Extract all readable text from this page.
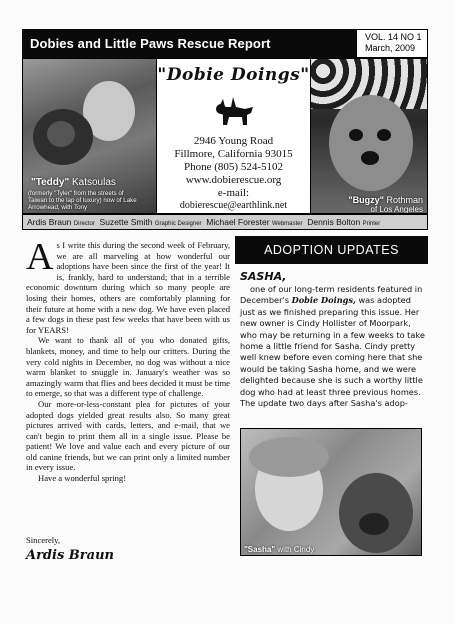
Dobies and Little Paws Rescue Report	VOL. 14 NO 1
March, 2009
"Teddy" Katsoulas
(formerly "Tyler" from the streets of
Taiwan to the lap of luxury) now of Lake
Arrowhead, with Tony
"Dobie Doings"
2946 Young Road
Fillmore, California 93015
Phone (805) 524-5102
www.dobierescue.org
e-mail:
dobierescue@earthlink.net	"Bugzy" Rothman
of Los Angeles
Ardis Braun Director Suzette Smith Graphic Designer Michael Forester Webmaster Dennis Bolton Printer

As I write this during the second week of February, we are all marveling at how wonderful our adoptions have been since the first of the year! It is, frankly, hard to understand; that in a terrible economic downturn during which so many people are losing their homes, others are comfortably planning for their future at home with a new dog. We have even placed a few dogs in these past few weeks that have been with us for YEARS!

We want to thank all of you who donated gifts, blankets, money, and time to help our critters. During the very cold nights in December, no dog was without a nice warm blanket to snuggle in. January's weather was so amazingly warm that flies and bees decided it must be time to emerge, so that was a different type of challenge.

Our more-or-less-constant plea for pictures of your adopted dogs yielded great results also. So many great pictures arrived with cards, letters, and e-mail, that we can't begin to print them all in a single issue. Please be patient! We love and value each and every picture of our old canine friends, but we can print only a limited number in every issue.

Have a wonderful spring!

Sincerely,
Ardis Braun
ADOPTION UPDATES
SASHA,

one of our long-term residents featured in December's Dobie Doings, was adopted just as we finished preparing this issue. Her new owner is Cindy Hollister of Moorpark, who may be returning in a few weeks to take home a little friend for Sasha. Cindy pretty well knew before even coming here that she would be taking Sasha home, and we were delighted because she is such a worthy little dog who had at least three previous homes. The update two days after Sasha's adop-

"Sasha" with Cindy
